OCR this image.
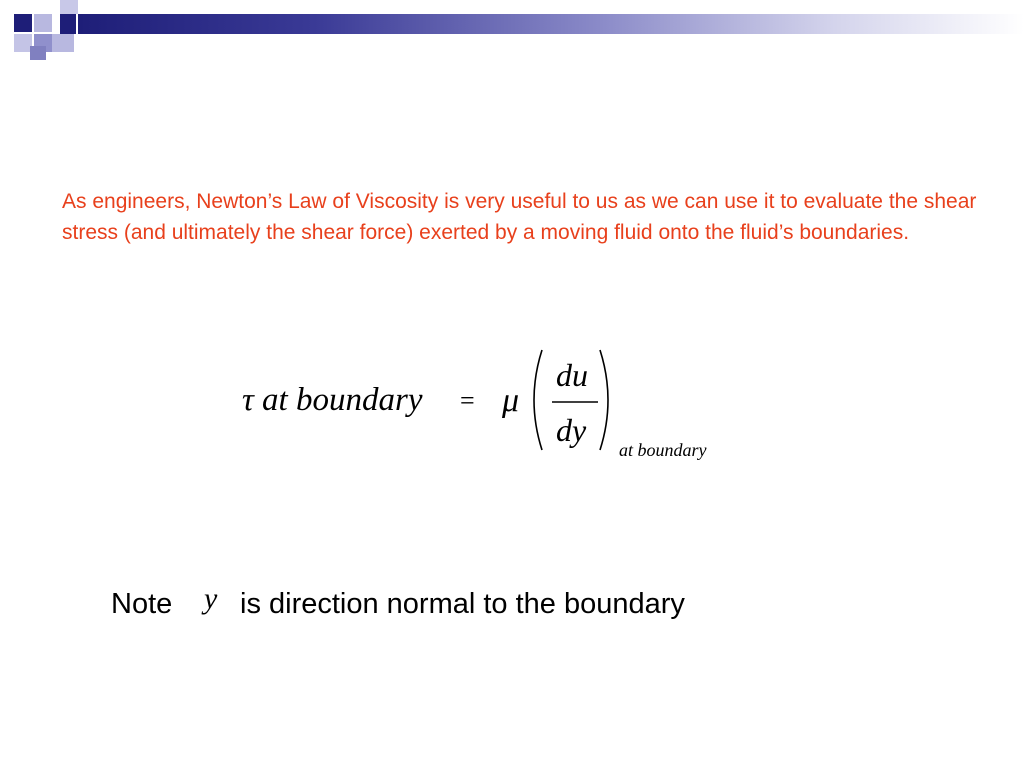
As engineers, Newton’s Law of Viscosity is very useful to us as we can use it to evaluate the shear stress (and ultimately the shear force) exerted by a moving fluid onto the fluid’s boundaries.

τ at boundary = μ
du
dy
at boundary
Note y is direction normal to the boundary
